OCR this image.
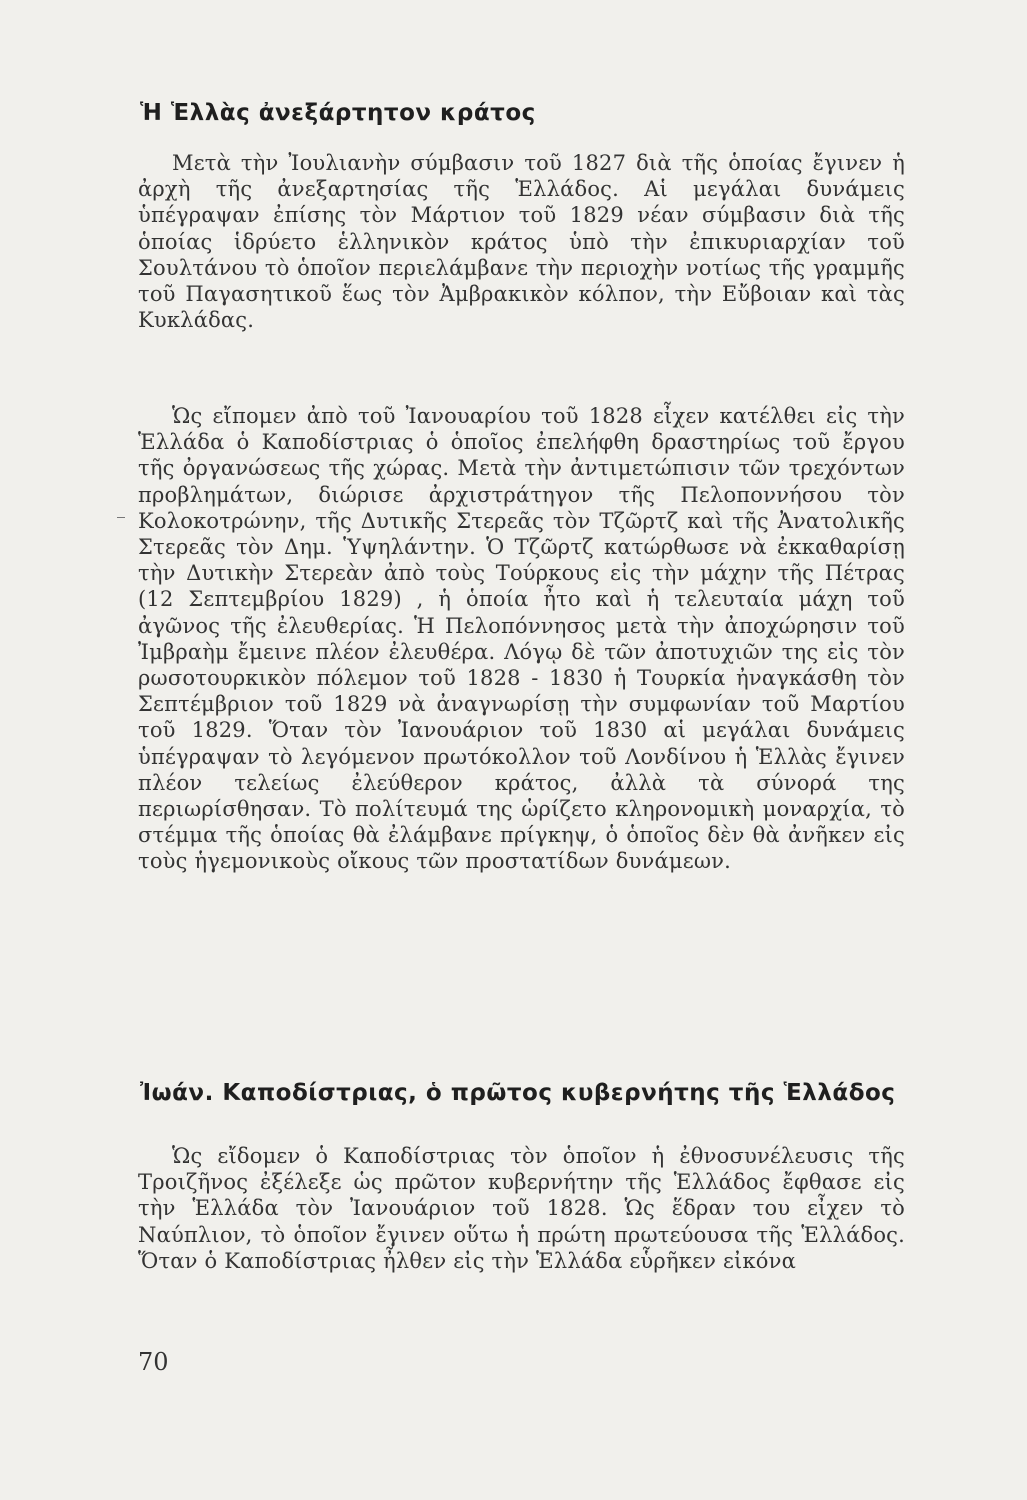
Ἡ Ἑλλὰς ἀνεξάρτητον κράτος

Μετὰ τὴν Ἰουλιανὴν σύμβασιν τοῦ 1827 διὰ τῆς ὁποίας ἔγινεν ἡ ἀρχὴ τῆς ἀνεξαρτησίας τῆς Ἑλλάδος. Αἱ μεγάλαι δυνάμεις ὑπέγραψαν ἐπίσης τὸν Μάρτιον τοῦ 1829 νέαν σύμβασιν διὰ τῆς ὁποίας ἱδρύετο ἑλληνικὸν κράτος ὑπὸ τὴν ἐπικυριαρχίαν τοῦ Σουλτάνου τὸ ὁποῖον περιελάμβανε τὴν περιοχὴν νοτίως τῆς γραμμῆς τοῦ Παγασητικοῦ ἕως τὸν Ἀμβρακικὸν κόλπον, τὴν Εὔβοιαν καὶ τὰς Κυκλάδας.

Ὡς εἴπομεν ἀπὸ τοῦ Ἰανουαρίου τοῦ 1828 εἶχεν κατέλθει εἰς τὴν Ἑλλάδα ὁ Καποδίστριας ὁ ὁποῖος ἐπελήφθη δραστηρίως τοῦ ἔργου τῆς ὀργανώσεως τῆς χώρας. Μετὰ τὴν ἀντιμετώπισιν τῶν τρεχόντων προβλημάτων, διώρισε ἀρχιστράτηγον τῆς Πελοποννήσου τὸν Κολοκοτρώνην, τῆς Δυτικῆς Στερεᾶς τὸν Τζῶρτζ καὶ τῆς Ἀνατολικῆς Στερεᾶς τὸν Δημ. Ὑψηλάντην. Ὁ Τζῶρτζ κατώρθωσε νὰ ἐκκαθαρίσῃ τὴν Δυτικὴν Στερεὰν ἀπὸ τοὺς Τούρκους εἰς τὴν μάχην τῆς Πέτρας (12 Σεπτεμβρίου 1829) , ἡ ὁποία ἦτο καὶ ἡ τελευταία μάχη τοῦ ἀγῶνος τῆς ἐλευθερίας. Ἡ Πελοπόννησος μετὰ τὴν ἀποχώρησιν τοῦ Ἰμβραὴμ ἔμεινε πλέον ἐλευθέρα. Λόγῳ δὲ τῶν ἀποτυχιῶν της εἰς τὸν ρωσοτουρκικὸν πόλεμον τοῦ 1828 - 1830 ἡ Τουρκία ἠναγκάσθη τὸν Σεπτέμβριον τοῦ 1829 νὰ ἀναγνωρίσῃ τὴν συμφωνίαν τοῦ Μαρτίου τοῦ 1829. Ὅταν τὸν Ἰανουάριον τοῦ 1830 αἱ μεγάλαι δυνάμεις ὑπέγραψαν τὸ λεγόμενον πρωτόκολλον τοῦ Λονδίνου ἡ Ἑλλὰς ἔγινεν πλέον τελείως ἐλεύθερον κράτος, ἀλλὰ τὰ σύνορά της περιωρίσθησαν. Τὸ πολίτευμά της ὡρίζετο κληρονομικὴ μοναρχία, τὸ στέμμα τῆς ὁποίας θὰ ἐλάμβανε πρίγκηψ, ὁ ὁποῖος δὲν θὰ ἀνῆκεν εἰς τοὺς ἡγεμονικοὺς οἴκους τῶν προστατίδων δυνάμεων.

Ἰωάν. Καποδίστριας, ὁ πρῶτος κυβερνήτης τῆς Ἑλλάδος

Ὡς εἴδομεν ὁ Καποδίστριας τὸν ὁποῖον ἡ ἐθνοσυνέλευσις τῆς Τροιζῆνος ἐξέλεξε ὡς πρῶτον κυβερνήτην τῆς Ἑλλάδος ἔφθασε εἰς τὴν Ἑλλάδα τὸν Ἰανουάριον τοῦ 1828. Ὡς ἕδραν του εἶχεν τὸ Ναύπλιον, τὸ ὁποῖον ἔγινεν οὕτω ἡ πρώτη πρωτεύουσα τῆς Ἑλλάδος. Ὅταν ὁ Καποδίστριας ἦλθεν εἰς τὴν Ἑλλάδα εὗρῆκεν εἰκόνα

70
